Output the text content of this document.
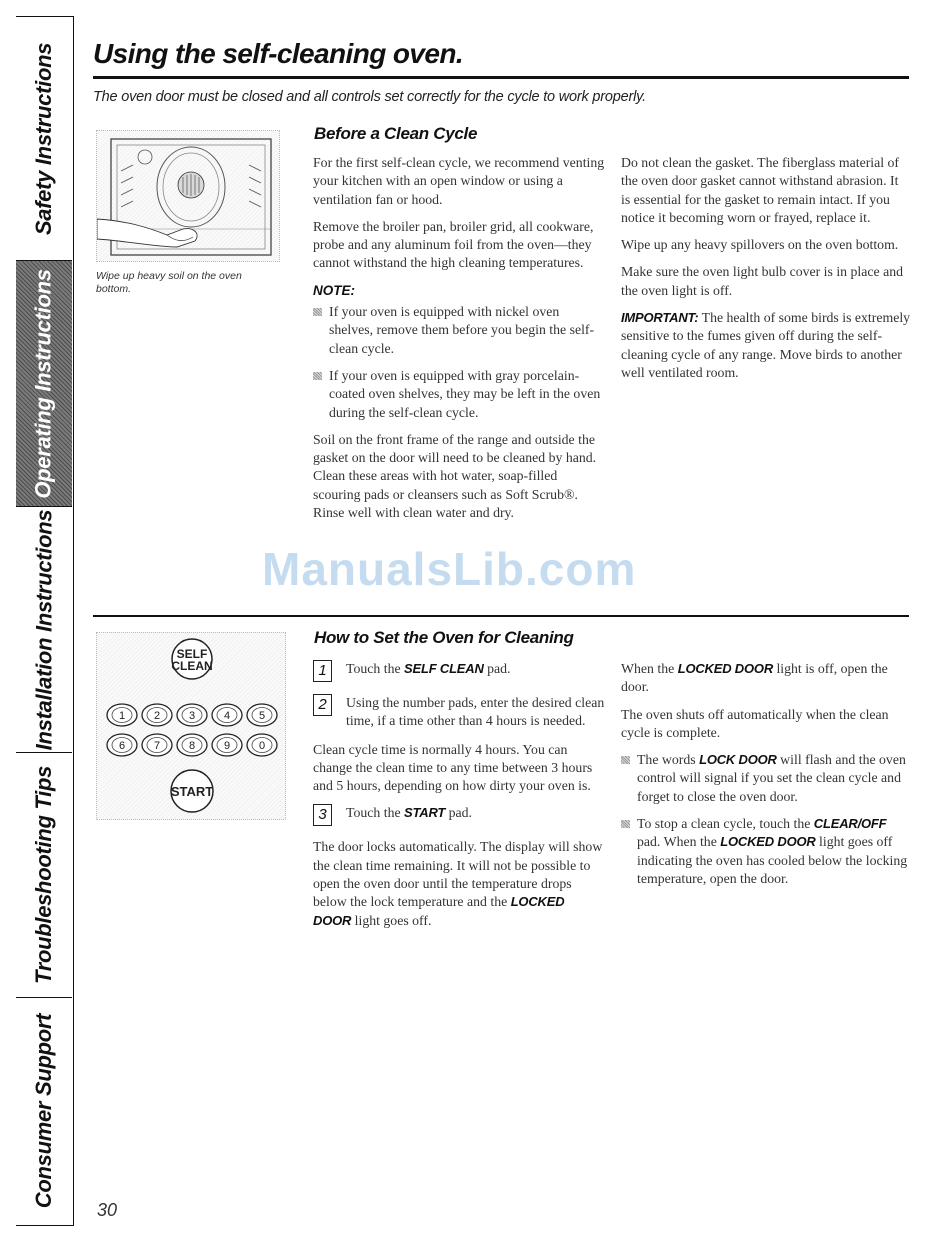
Safety Instructions
Operating Instructions
Installation Instructions
Troubleshooting Tips
Consumer Support
Using the self-cleaning oven.
The oven door must be closed and all controls set correctly for the cycle to work properly.
Wipe up heavy soil on the oven bottom.
Before a Clean Cycle

For the first self-clean cycle, we recommend venting your kitchen with an open window or using a ventilation fan or hood.

Remove the broiler pan, broiler grid, all cookware, probe and any aluminum foil from the oven—they cannot withstand the high cleaning temperatures.

NOTE:
If your oven is equipped with nickel oven shelves, remove them before you begin the self-clean cycle.
If your oven is equipped with gray porcelain-coated oven shelves, they may be left in the oven during the self-clean cycle.

Soil on the front frame of the range and outside the gasket on the door will need to be cleaned by hand. Clean these areas with hot water, soap-filled scouring pads or cleansers such as Soft Scrub®. Rinse well with clean water and dry.

Do not clean the gasket. The fiberglass material of the oven door gasket cannot withstand abrasion. It is essential for the gasket to remain intact. If you notice it becoming worn or frayed, replace it.

Wipe up any heavy spillovers on the oven bottom.

Make sure the oven light bulb cover is in place and the oven light is off.

IMPORTANT: The health of some birds is extremely sensitive to the fumes given off during the self-cleaning cycle of any range. Move birds to another well ventilated room.

ManualsLib.com
SELF
CLEAN
1	2	3	4	5
6	7	8	9	0
START
How to Set the Oven for Cleaning
1	Touch the SELF CLEAN pad.
2	Using the number pads, enter the desired clean time, if a time other than 4 hours is needed.

Clean cycle time is normally 4 hours. You can change the clean time to any time between 3 hours and 5 hours, depending on how dirty your oven is.

3	Touch the START pad.

The door locks automatically. The display will show the clean time remaining. It will not be possible to open the oven door until the temperature drops below the lock temperature and the LOCKED DOOR light goes off.

When the LOCKED DOOR light is off, open the door.

The oven shuts off automatically when the clean cycle is complete.

The words LOCK DOOR will flash and the oven control will signal if you set the clean cycle and forget to close the oven door.
To stop a clean cycle, touch the CLEAR/OFF pad. When the LOCKED DOOR light goes off indicating the oven has cooled below the locking temperature, open the door.
30
